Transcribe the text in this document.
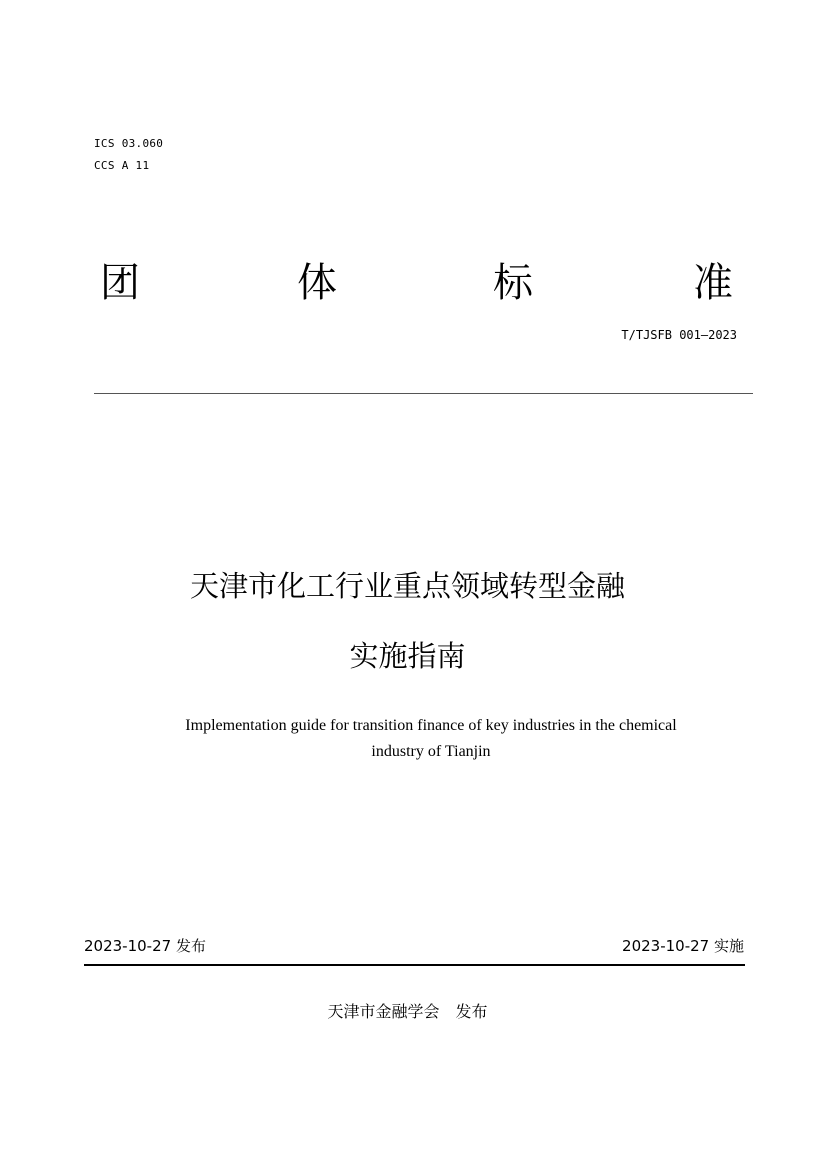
ICS 03.060
CCS A 11
团	体	标	准
T/TJSFB 001—2023
天津市化工行业重点领域转型金融
实施指南
Implementation guide for transition finance of key industries in the chemical
industry of Tianjin
2023-10-27 发布	2023-10-27 实施
天津市金融学会　发布
